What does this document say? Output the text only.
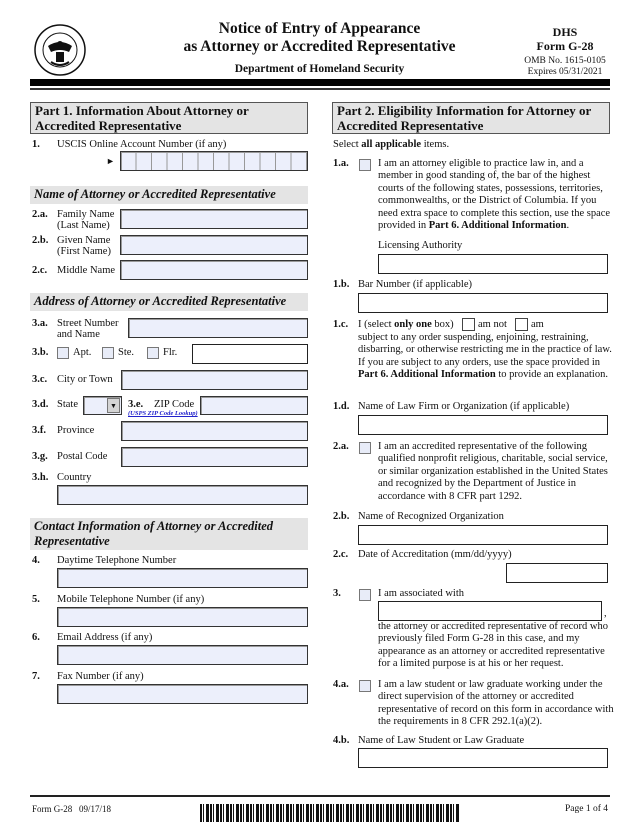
Notice of Entry of Appearance
as Attorney or Accredited Representative
Department of Homeland Security
DHS
Form G-28
OMB No. 1615-0105
Expires 05/31/2021
Part 1. Information About Attorney or
Accredited Representative
1. USCIS Online Account Number (if any)
►
Name of Attorney or Accredited Representative
2.a. Family Name
(Last Name)
2.b. Given Name
(First Name)
2.c. Middle Name
Address of Attorney or Accredited Representative
3.a. Street Number
and Name
3.b. Apt.	Ste.	Flr.
3.c. City or Town
3.d. State	▼ 3.e. ZIP Code
(USPS ZIP Code Lookup)
3.f. Province
3.g. Postal Code
3.h. Country
Contact Information of Attorney or Accredited
Representative
4. Daytime Telephone Number
5. Mobile Telephone Number (if any)
6. Email Address (if any)
7. Fax Number (if any)
Part 2. Eligibility Information for Attorney or
Accredited Representative
Select all applicable items.
1.a.	I am an attorney eligible to practice law in, and a member in good standing of, the bar of the highest courts of the following states, possessions, territories, commonwealths, or the District of Columbia. If you need extra space to complete this section, use the space provided in Part 6. Additional Information.
Licensing Authority
1.b. Bar Number (if applicable)
1.c. I (select only one box) am not am
subject to any order suspending, enjoining, restraining, disbarring, or otherwise restricting me in the practice of law. If you are subject to any orders, use the space provided in Part 6. Additional Information to provide an explanation.
1.d. Name of Law Firm or Organization (if applicable)
2.a.	I am an accredited representative of the following qualified nonprofit religious, charitable, social service, or similar organization established in the United States and recognized by the Department of Justice in accordance with 8 CFR part 1292.
2.b. Name of Recognized Organization
2.c. Date of Accreditation (mm/dd/yyyy)
3.	I am associated with
,
the attorney or accredited representative of record who previously filed Form G-28 in this case, and my appearance as an attorney or accredited representative for a limited purpose is at his or her request.
4.a.	I am a law student or law graduate working under the direct supervision of the attorney or accredited representative of record on this form in accordance with the requirements in 8 CFR 292.1(a)(2).
4.b. Name of Law Student or Law Graduate
Form G-28   09/17/18	Page 1 of 4
